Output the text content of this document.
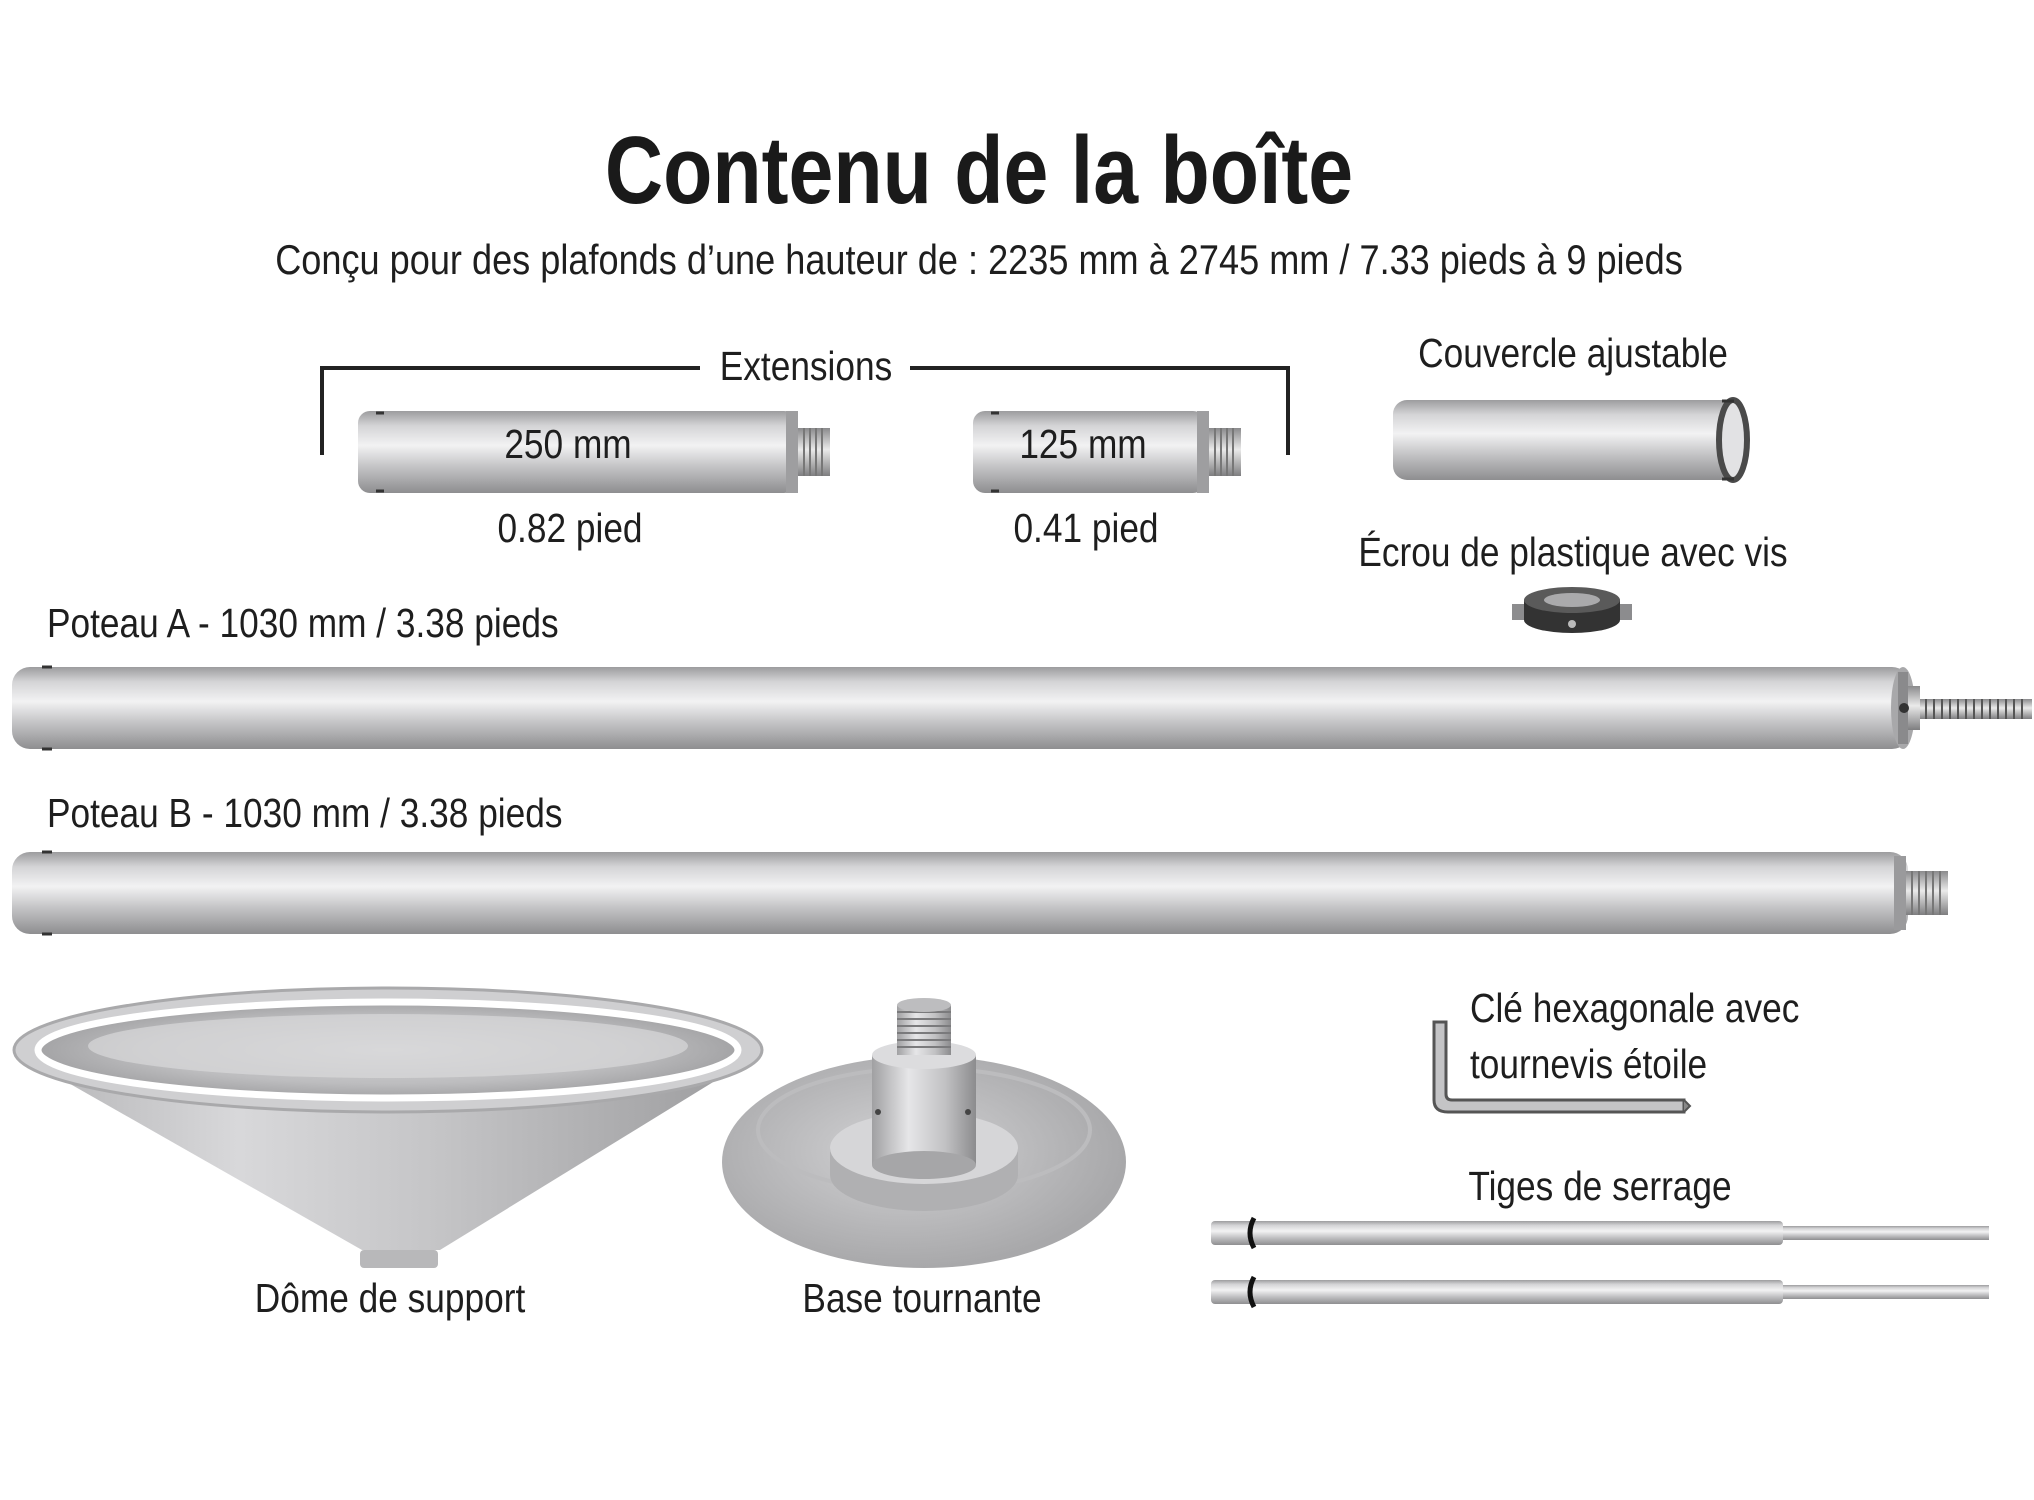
Contenu de la boîte
Conçu pour des plafonds d’une hauteur de : 2235 mm à 2745 mm / 7.33 pieds à 9 pieds
Extensions
250 mm
0.82 pied
125 mm
0.41 pied
Couvercle ajustable
Écrou de plastique avec vis
Poteau A - 1030 mm / 3.38 pieds
Poteau B - 1030 mm / 3.38 pieds
Clé hexagonale avec
tournevis étoile
Tiges de serrage
Dôme de support	Base tournante
